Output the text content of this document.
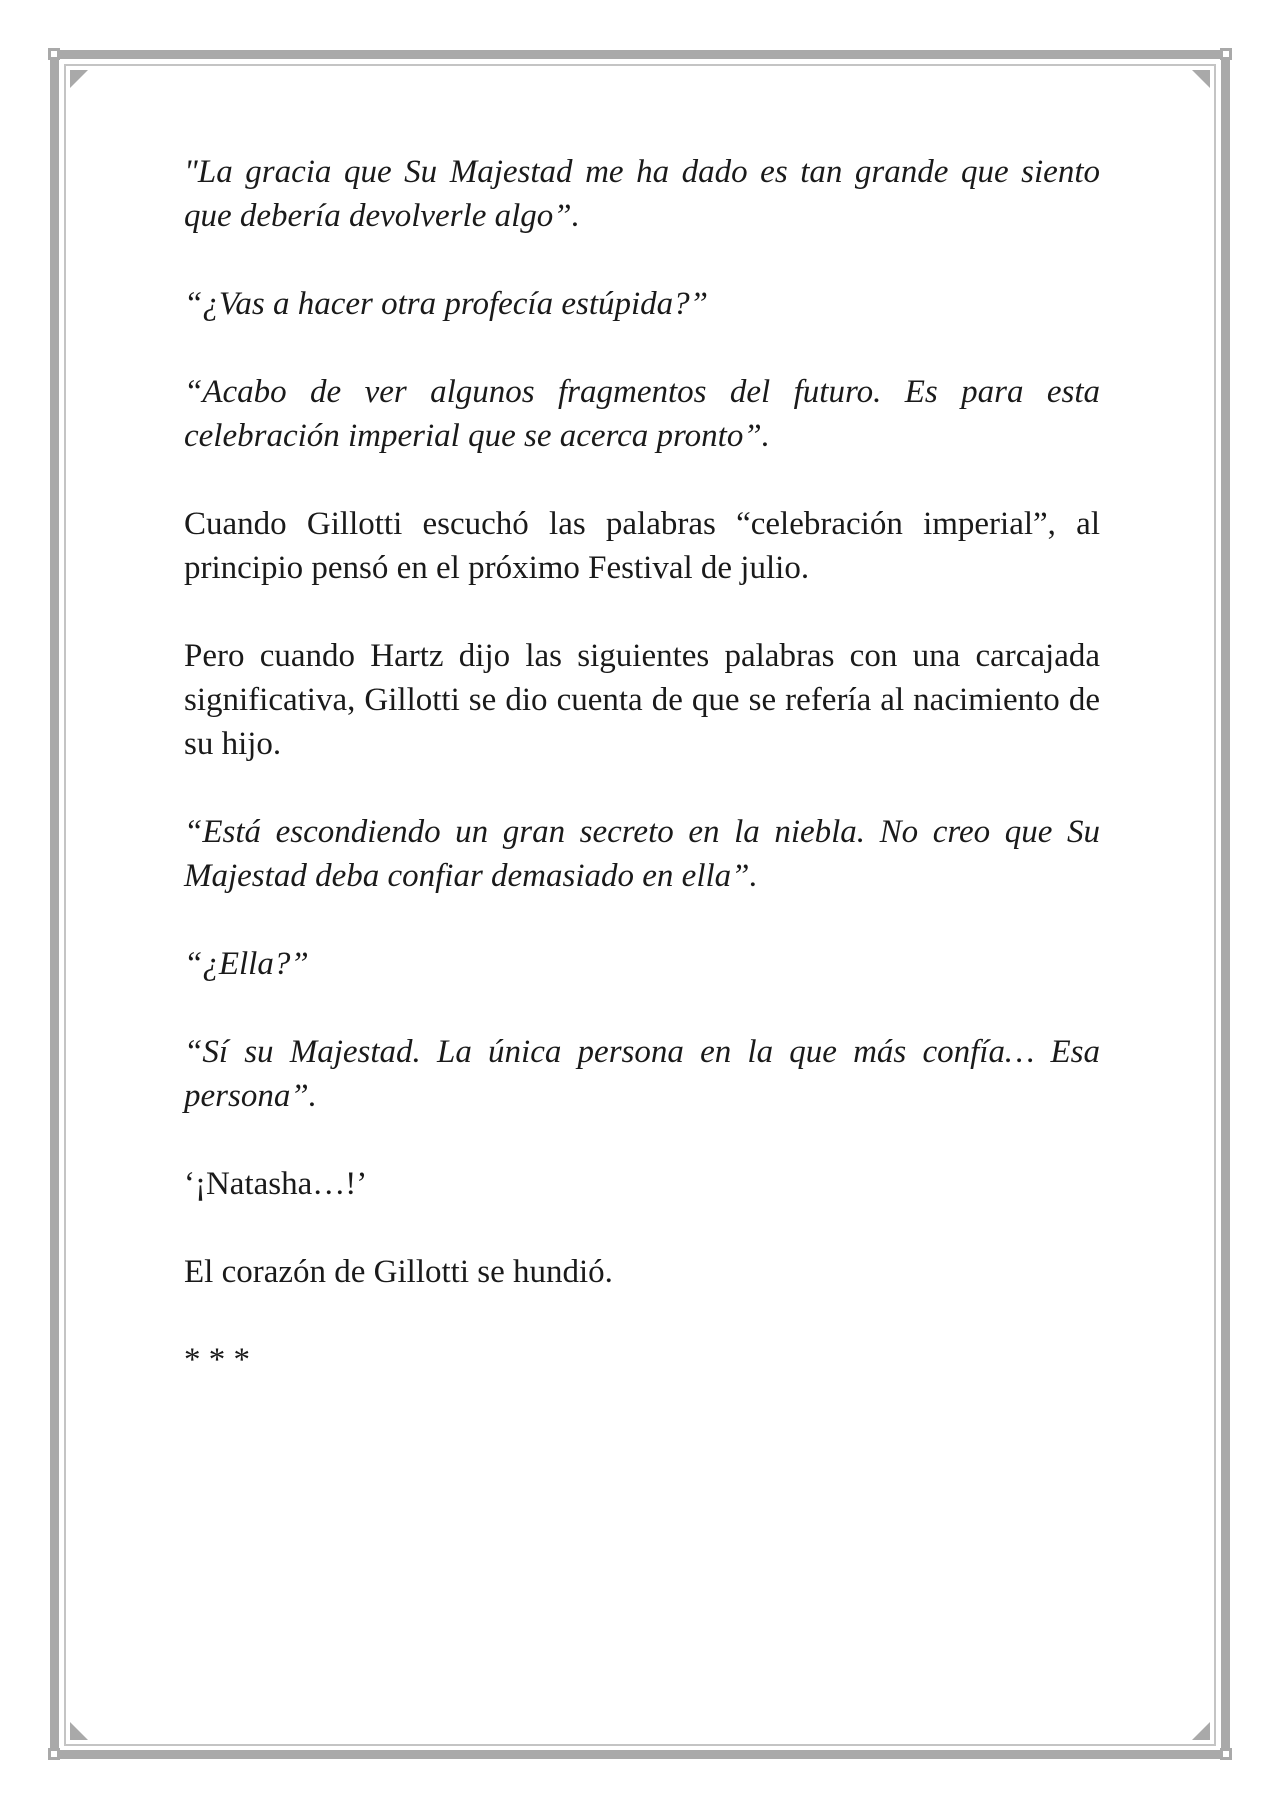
"La gracia que Su Majestad me ha dado es tan grande que siento que debería devolverle algo”.

“¿Vas a hacer otra profecía estúpida?”

“Acabo de ver algunos fragmentos del futuro. Es para esta celebración imperial que se acerca pronto”.

Cuando Gillotti escuchó las palabras “celebración imperial”, al principio pensó en el próximo Festival de julio.

Pero cuando Hartz dijo las siguientes palabras con una carcajada significativa, Gillotti se dio cuenta de que se refería al nacimiento de su hijo.

“Está escondiendo un gran secreto en la niebla. No creo que Su Majestad deba confiar demasiado en ella”.

“¿Ella?”

“Sí su Majestad. La única persona en la que más confía… Esa persona”.

‘¡Natasha…!’

El corazón de Gillotti se hundió.

* * *
